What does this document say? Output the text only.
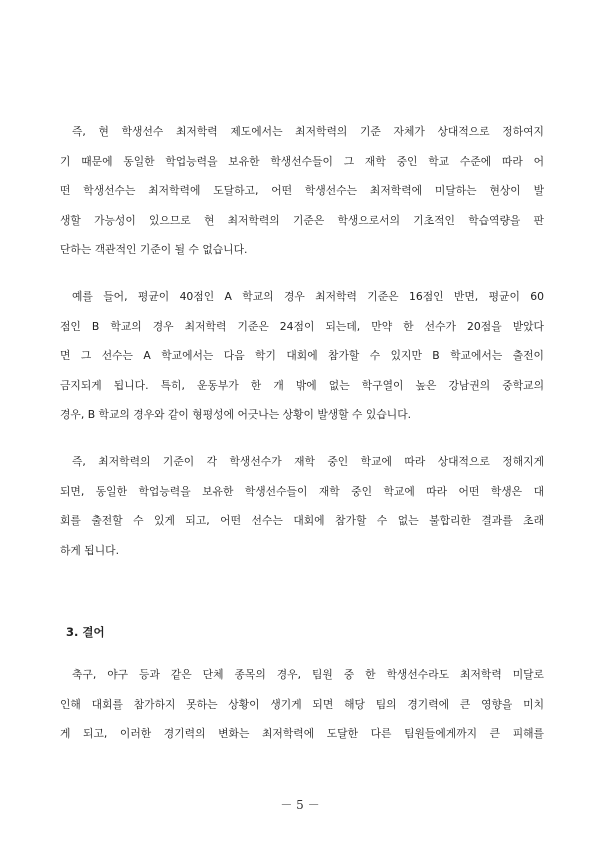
즉, 현 학생선수 최저학력 제도에서는 최저학력의 기준 자체가 상대적으로 정하여지
기 때문에 동일한 학업능력을 보유한 학생선수들이 그 재학 중인 학교 수준에 따라 어
떤 학생선수는 최저학력에 도달하고, 어떤 학생선수는 최저학력에 미달하는 현상이 발
생할 가능성이 있으므로 현 최저학력의 기준은 학생으로서의 기초적인 학습역량을 판
단하는 객관적인 기준이 될 수 없습니다.
예를 들어, 평균이 40점인 A 학교의 경우 최저학력 기준은 16점인 반면, 평균이 60
점인 B 학교의 경우 최저학력 기준은 24점이 되는데, 만약 한 선수가 20점을 받았다
면 그 선수는 A 학교에서는 다음 학기 대회에 참가할 수 있지만 B 학교에서는 출전이
금지되게 됩니다. 특히, 운동부가 한 개 밖에 없는 학구열이 높은 강남권의 중학교의
경우, B 학교의 경우와 같이 형평성에 어긋나는 상황이 발생할 수 있습니다.
즉, 최저학력의 기준이 각 학생선수가 재학 중인 학교에 따라 상대적으로 정해지게
되면, 동일한 학업능력을 보유한 학생선수들이 재학 중인 학교에 따라 어떤 학생은 대
회를 출전할 수 있게 되고, 어떤 선수는 대회에 참가할 수 없는 불합리한 결과를 초래
하게 됩니다.
3. 결어
축구, 야구 등과 같은 단체 종목의 경우, 팀원 중 한 학생선수라도 최저학력 미달로
인해 대회를 참가하지 못하는 상황이 생기게 되면 해당 팀의 경기력에 큰 영향을 미치
게 되고, 이러한 경기력의 변화는 최저학력에 도달한 다른 팀원들에게까지 큰 피해를
－ 5 －
